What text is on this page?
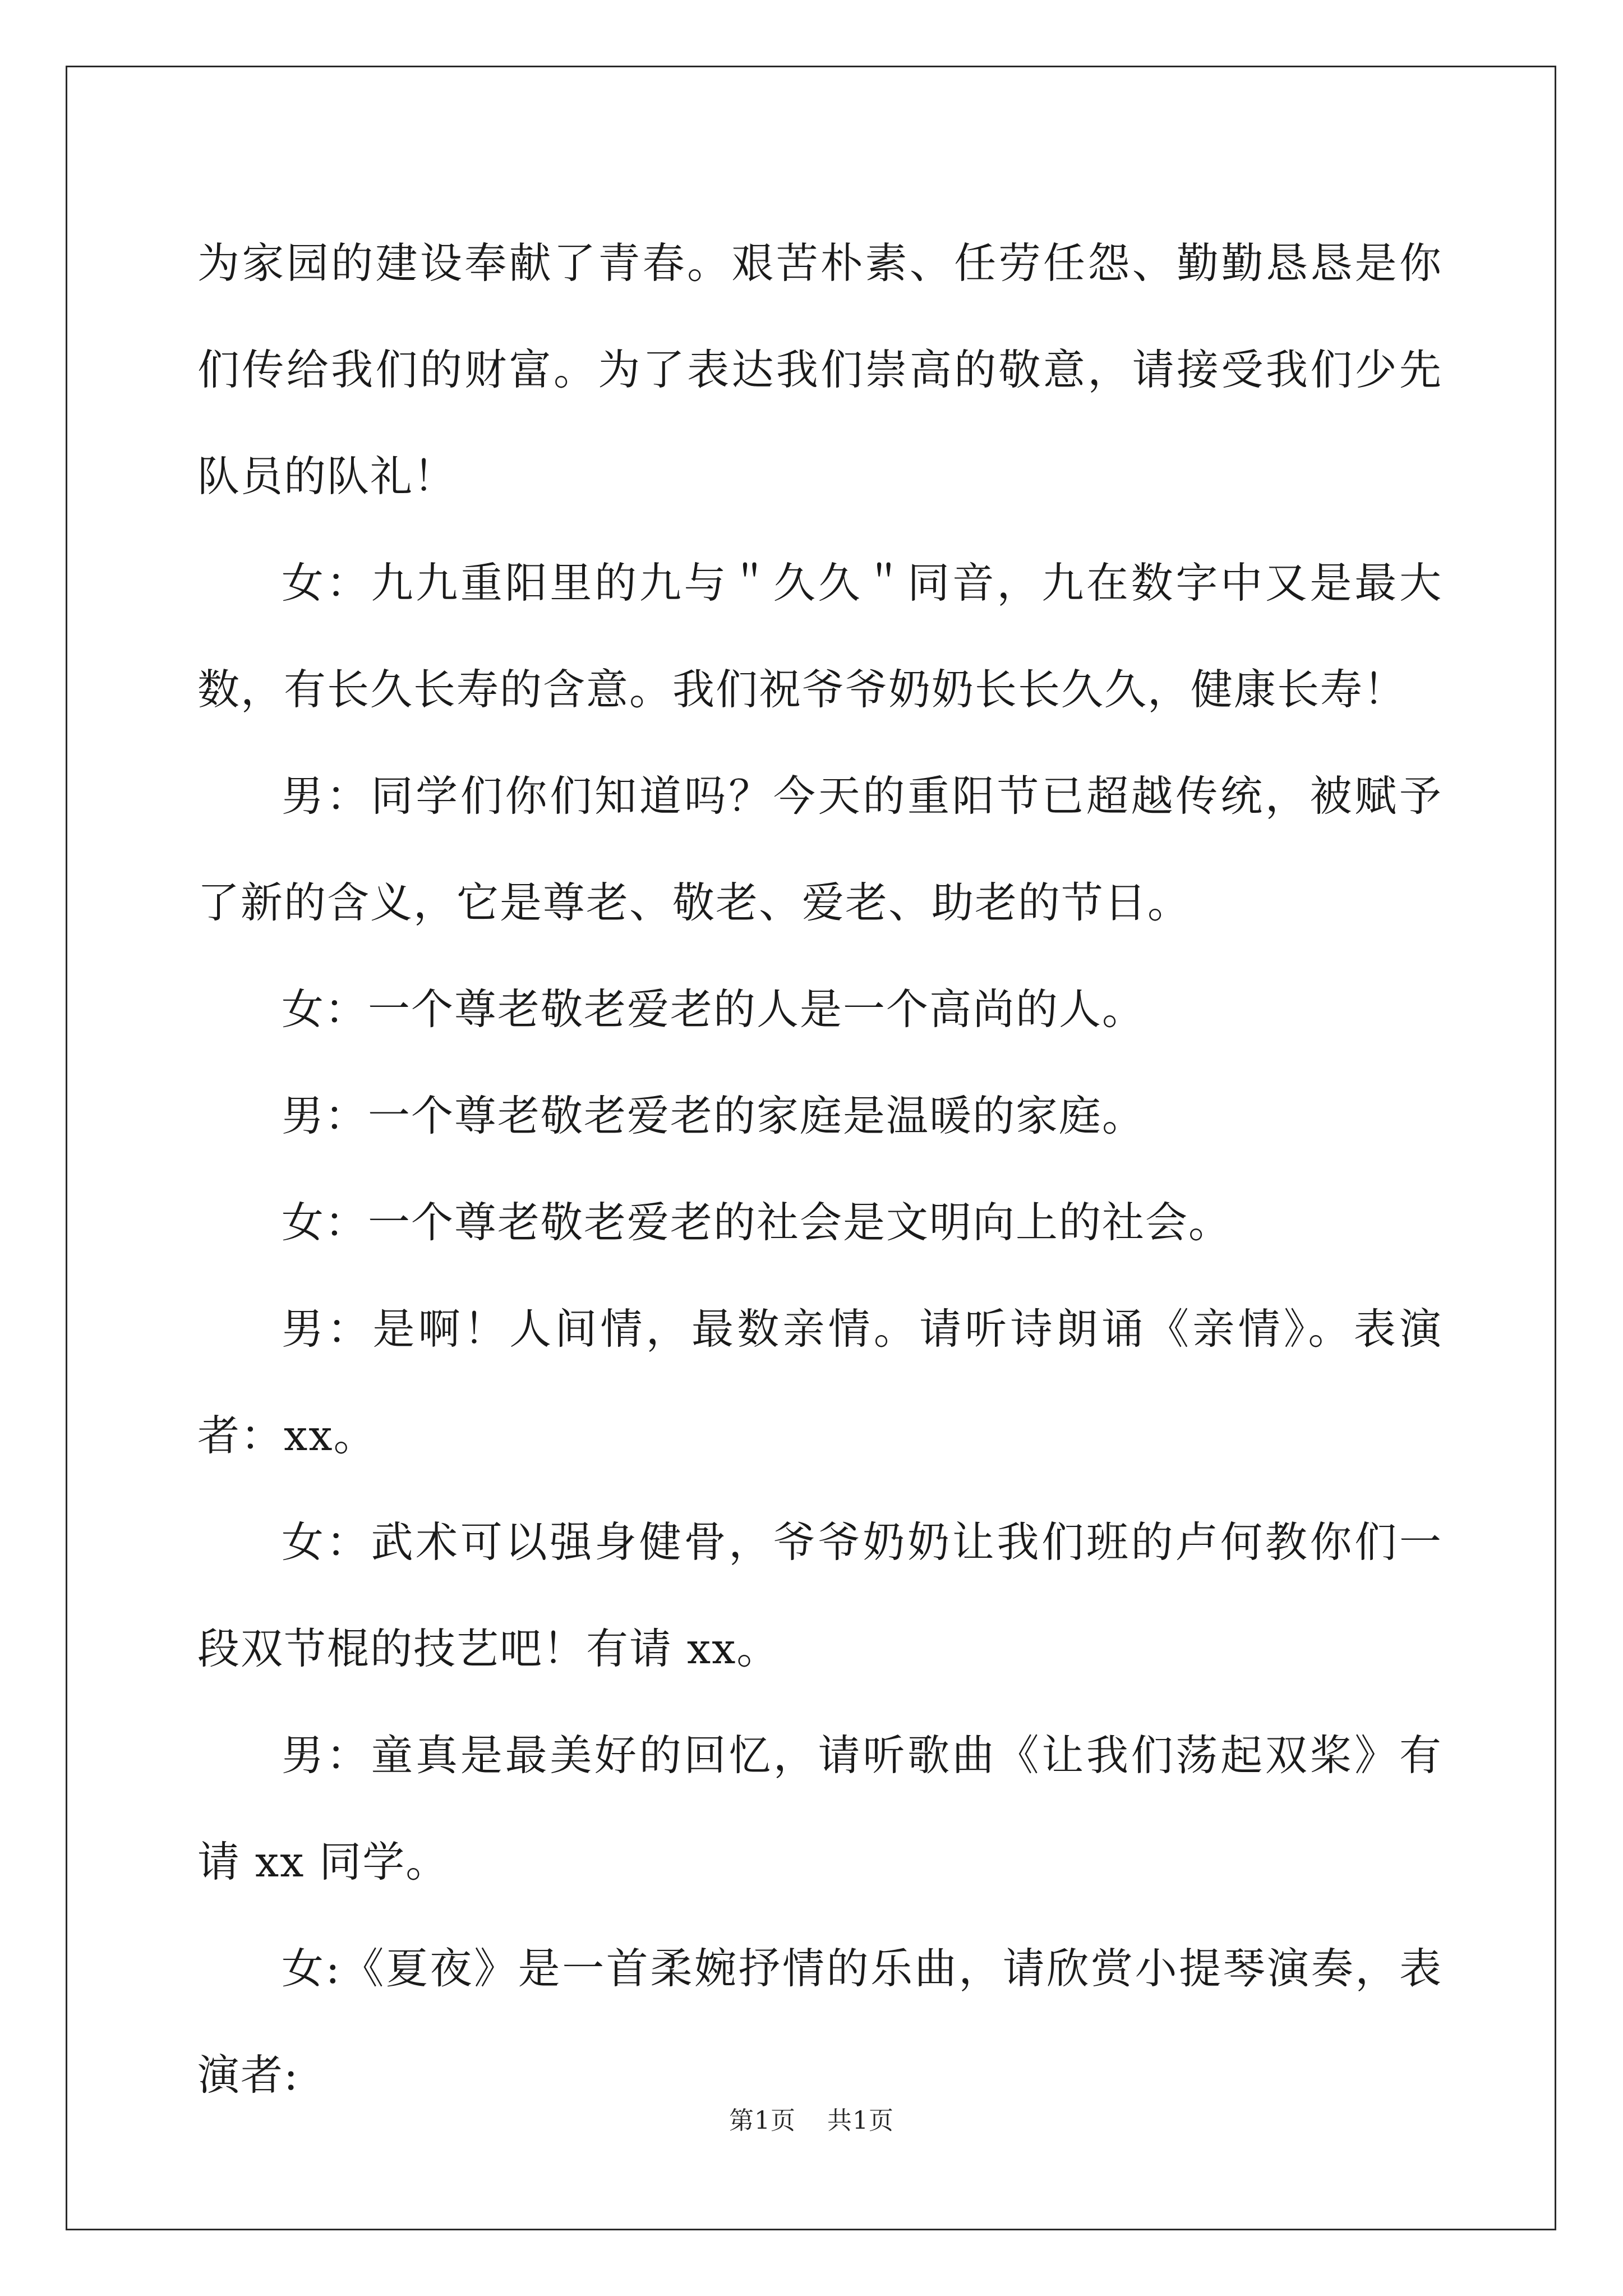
为家园的建设奉献了青春。艰苦朴素、任劳任怨、勤勤恳恳是你们传给我们的财富。为了表达我们崇高的敬意，请接受我们少先队员的队礼！

女：九九重阳里的九与＂久久＂同音，九在数字中又是最大数，有长久长寿的含意。我们祝爷爷奶奶长长久久，健康长寿！

男：同学们你们知道吗？今天的重阳节已超越传统，被赋予了新的含义，它是尊老、敬老、爱老、助老的节日。

女：一个尊老敬老爱老的人是一个高尚的人。

男：一个尊老敬老爱老的家庭是温暖的家庭。

女：一个尊老敬老爱老的社会是文明向上的社会。

男：是啊！人间情，最数亲情。请听诗朗诵《亲情》。表演者：xx。

女：武术可以强身健骨，爷爷奶奶让我们班的卢何教你们一段双节棍的技艺吧！有请 xx。

男：童真是最美好的回忆，请听歌曲《让我们荡起双桨》有请 xx 同学。

女:《夏夜》是一首柔婉抒情的乐曲，请欣赏小提琴演奏，表演者:

第1页 共1页
